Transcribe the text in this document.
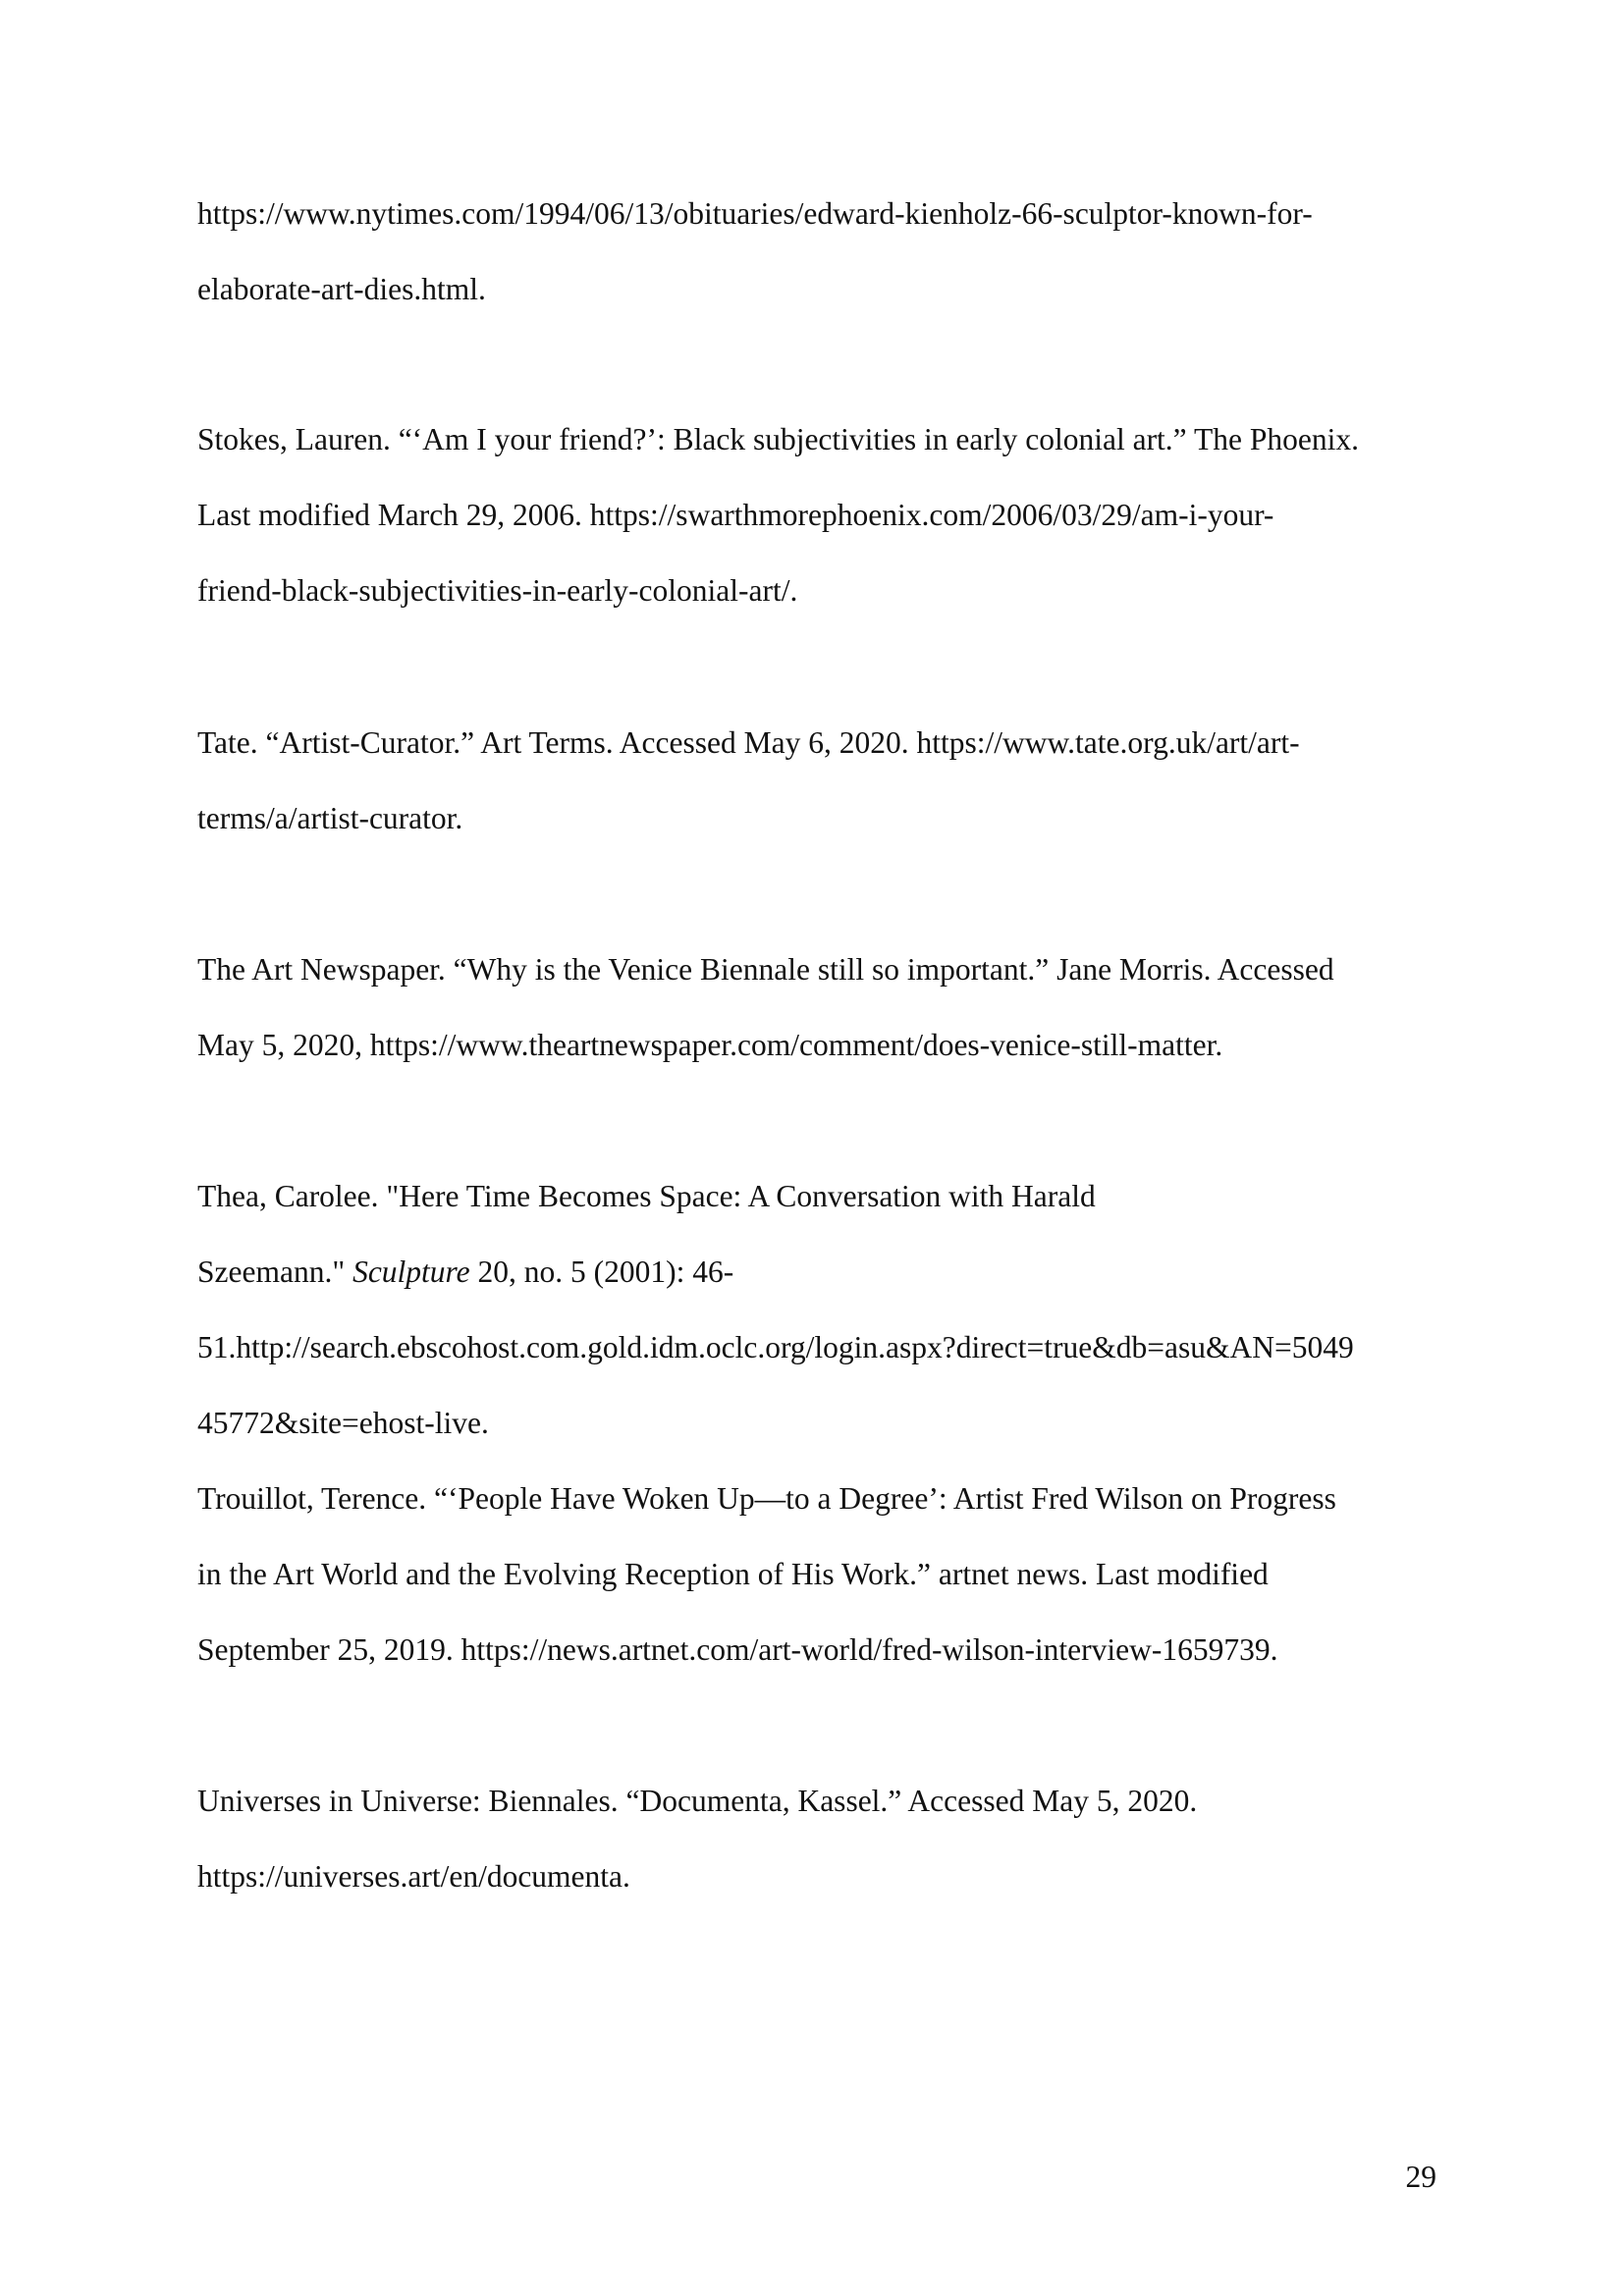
https://www.nytimes.com/1994/06/13/obituaries/edward-kienholz-66-sculptor-known-for-
elaborate-art-dies.html.
Stokes, Lauren. “‘Am I your friend?’: Black subjectivities in early colonial art.” The Phoenix.
Last modified March 29, 2006. https://swarthmorephoenix.com/2006/03/29/am-i-your-
friend-black-subjectivities-in-early-colonial-art/.
Tate. “Artist-Curator.” Art Terms. Accessed May 6, 2020. https://www.tate.org.uk/art/art-
terms/a/artist-curator.
The Art Newspaper. “Why is the Venice Biennale still so important.” Jane Morris. Accessed
May 5, 2020, https://www.theartnewspaper.com/comment/does-venice-still-matter.
Thea, Carolee. "Here Time Becomes Space: A Conversation with Harald
Szeemann." Sculpture 20, no. 5 (2001): 46-
51.http://search.ebscohost.com.gold.idm.oclc.org/login.aspx?direct=true&db=asu&AN=5049
45772&site=ehost-live.
Trouillot, Terence. “‘People Have Woken Up—to a Degree’: Artist Fred Wilson on Progress
in the Art World and the Evolving Reception of His Work.” artnet news. Last modified
September 25, 2019. https://news.artnet.com/art-world/fred-wilson-interview-1659739.
Universes in Universe: Biennales. “Documenta, Kassel.” Accessed May 5, 2020.
https://universes.art/en/documenta.
29
